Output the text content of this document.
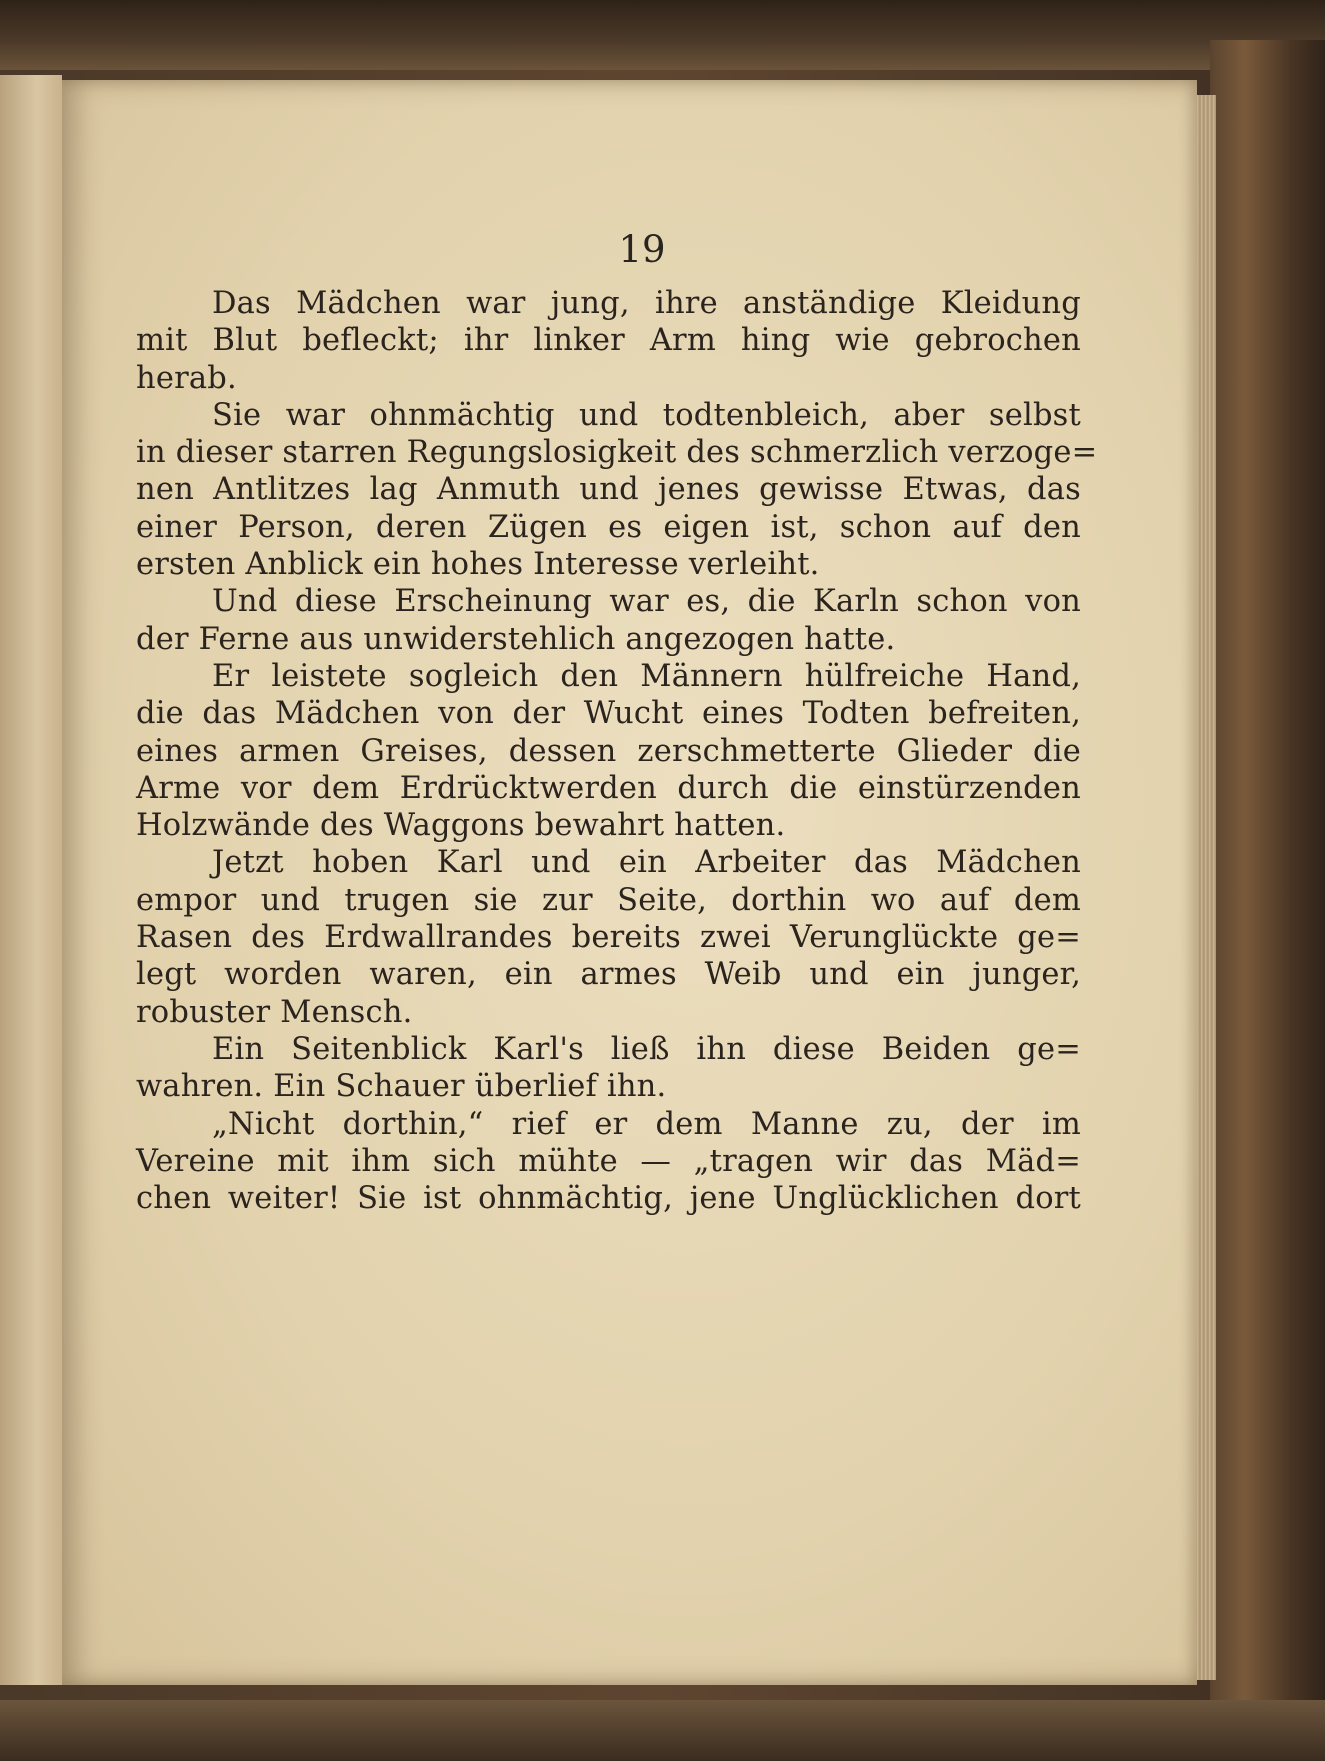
19
Das Mädchen war jung, ihre anständige Kleidung
mit Blut befleckt; ihr linker Arm hing wie gebrochen
herab.
Sie war ohnmächtig und todtenbleich, aber selbst
in dieser starren Regungslosigkeit des schmerzlich verzoge=
nen Antlitzes lag Anmuth und jenes gewisse Etwas, das
einer Person, deren Zügen es eigen ist, schon auf den
ersten Anblick ein hohes Interesse verleiht.
Und diese Erscheinung war es, die Karln schon von
der Ferne aus unwiderstehlich angezogen hatte.
Er leistete sogleich den Männern hülfreiche Hand,
die das Mädchen von der Wucht eines Todten befreiten,
eines armen Greises, dessen zerschmetterte Glieder die
Arme vor dem Erdrücktwerden durch die einstürzenden
Holzwände des Waggons bewahrt hatten.
Jetzt hoben Karl und ein Arbeiter das Mädchen
empor und trugen sie zur Seite, dorthin wo auf dem
Rasen des Erdwallrandes bereits zwei Verunglückte ge=
legt worden waren, ein armes Weib und ein junger,
robuster Mensch.
Ein Seitenblick Karl's ließ ihn diese Beiden ge=
wahren. Ein Schauer überlief ihn.
„Nicht dorthin,“ rief er dem Manne zu, der im
Vereine mit ihm sich mühte — „tragen wir das Mäd=
chen weiter! Sie ist ohnmächtig, jene Unglücklichen dort
